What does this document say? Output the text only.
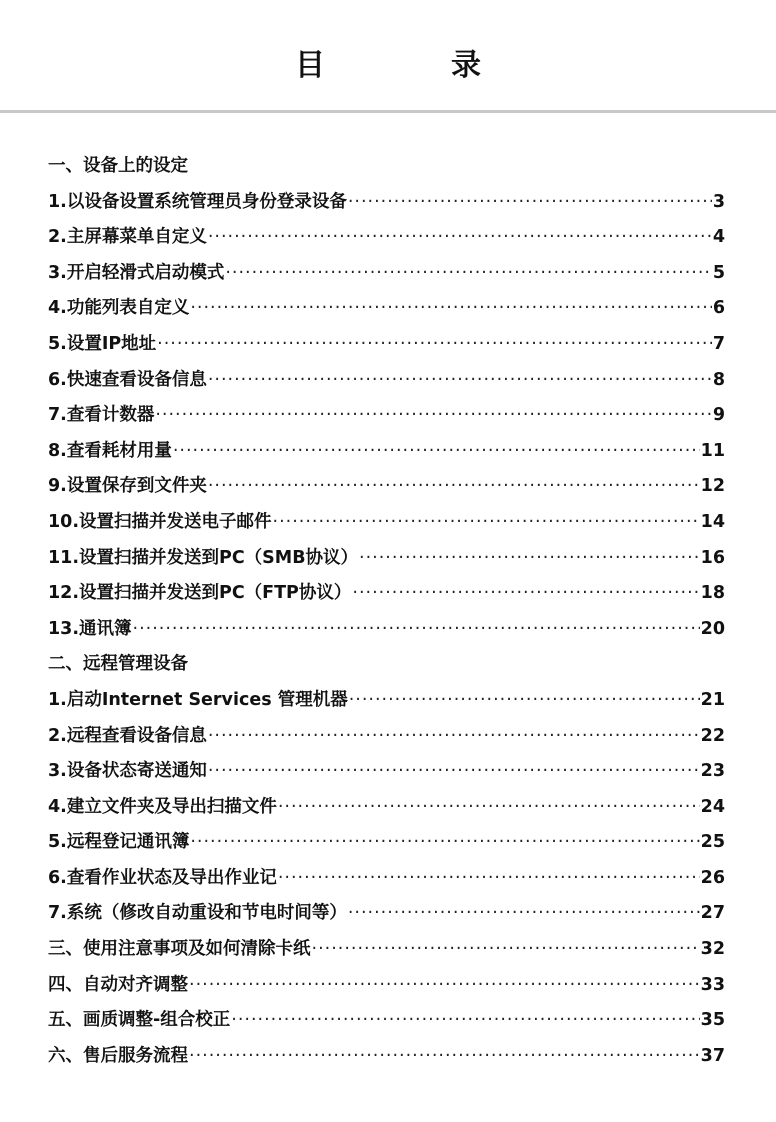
目　录
一、设备上的设定
1.以设备设置系统管理员身份登录设备 ·····	3
2.主屏幕菜单自定义 ·····	4
3.开启轻滑式启动模式 ·····	5
4.功能列表自定义 ·····	6
5.设置IP地址 ·····	7
6.快速查看设备信息 ·····	8
7.查看计数器 ·····	9
8.查看耗材用量 ·····	11
9.设置保存到文件夹 ·····	12
10.设置扫描并发送电子邮件 ·····	14
11.设置扫描并发送到PC（SMB协议） ·····	16
12.设置扫描并发送到PC（FTP协议） ·····	18
13.通讯簿 ·····	20
二、远程管理设备
1.启动Internet Services 管理机器 ·····	21
2.远程查看设备信息 ·····	22
3.设备状态寄送通知 ·····	23
4.建立文件夹及导出扫描文件 ·····	24
5.远程登记通讯簿 ·····	25
6.查看作业状态及导出作业记 ·····	26
7.系统（修改自动重设和节电时间等） ·····	27
三、使用注意事项及如何清除卡纸 ·····	32
四、自动对齐调整 ·····	33
五、画质调整-组合校正 ·····	35
六、售后服务流程 ·····	37
